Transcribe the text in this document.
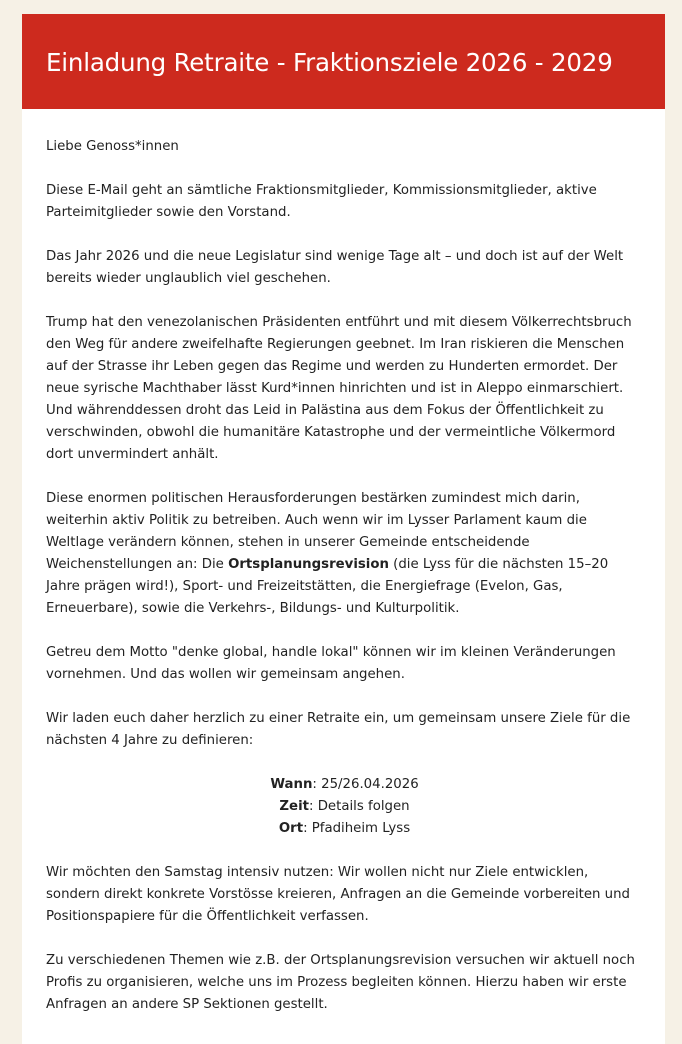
Einladung Retraite - Fraktionsziele 2026 - 2029

Liebe Genoss*innen

Diese E-Mail geht an sämtliche Fraktionsmitglieder, Kommissionsmitglieder, aktive Parteimitglieder sowie den Vorstand.

Das Jahr 2026 und die neue Legislatur sind wenige Tage alt – und doch ist auf der Welt bereits wieder unglaublich viel geschehen.

Trump hat den venezolanischen Präsidenten entführt und mit diesem Völkerrechtsbruch den Weg für andere zweifelhafte Regierungen geebnet. Im Iran riskieren die Menschen auf der Strasse ihr Leben gegen das Regime und werden zu Hunderten ermordet. Der neue syrische Machthaber lässt Kurd*innen hinrichten und ist in Aleppo einmarschiert. Und währenddessen droht das Leid in Palästina aus dem Fokus der Öffentlichkeit zu verschwinden, obwohl die humanitäre Katastrophe und der vermeintliche Völkermord dort unvermindert anhält.

Diese enormen politischen Herausforderungen bestärken zumindest mich darin, weiterhin aktiv Politik zu betreiben. Auch wenn wir im Lysser Parlament kaum die Weltlage verändern können, stehen in unserer Gemeinde entscheidende Weichenstellungen an: Die Ortsplanungsrevision (die Lyss für die nächsten 15–20 Jahre prägen wird!), Sport- und Freizeitstätten, die Energiefrage (Evelon, Gas, Erneuerbare), sowie die Verkehrs-, Bildungs- und Kulturpolitik.

Getreu dem Motto "denke global, handle lokal" können wir im kleinen Veränderungen vornehmen. Und das wollen wir gemeinsam angehen.

Wir laden euch daher herzlich zu einer Retraite ein, um gemeinsam unsere Ziele für die nächsten 4 Jahre zu definieren:

Wann: 25/26.04.2026
Zeit: Details folgen
Ort: Pfadiheim Lyss

Wir möchten den Samstag intensiv nutzen: Wir wollen nicht nur Ziele entwicklen, sondern direkt konkrete Vorstösse kreieren, Anfragen an die Gemeinde vorbereiten und Positionspapiere für die Öffentlichkeit verfassen.

Zu verschiedenen Themen wie z.B. der Ortsplanungsrevision versuchen wir aktuell noch Profis zu organisieren, welche uns im Prozess begleiten können. Hierzu haben wir erste Anfragen an andere SP Sektionen gestellt.
